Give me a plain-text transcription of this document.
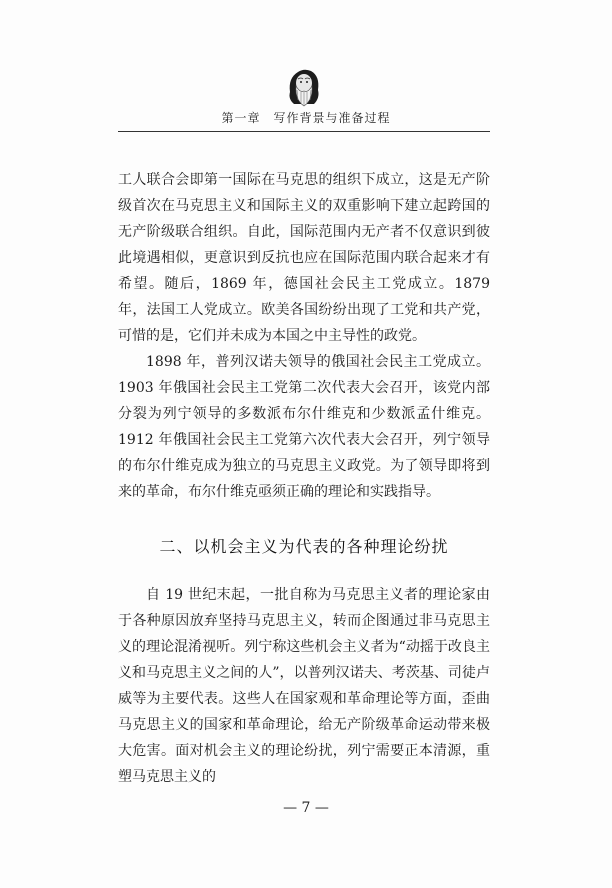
第一章　写作背景与准备过程

工人联合会即第一国际在马克思的组织下成立，这是无产阶级首次在马克思主义和国际主义的双重影响下建立起跨国的无产阶级联合组织。自此，国际范围内无产者不仅意识到彼此境遇相似，更意识到反抗也应在国际范围内联合起来才有希望。随后，1869 年，德国社会民主工党成立。1879 年，法国工人党成立。欧美各国纷纷出现了工党和共产党，可惜的是，它们并未成为本国之中主导性的政党。

1898 年，普列汉诺夫领导的俄国社会民主工党成立。1903 年俄国社会民主工党第二次代表大会召开，该党内部分裂为列宁领导的多数派布尔什维克和少数派孟什维克。1912 年俄国社会民主工党第六次代表大会召开，列宁领导的布尔什维克成为独立的马克思主义政党。为了领导即将到来的革命，布尔什维克亟须正确的理论和实践指导。

二、以机会主义为代表的各种理论纷扰

自 19 世纪末起，一批自称为马克思主义者的理论家由于各种原因放弃坚持马克思主义，转而企图通过非马克思主义的理论混淆视听。列宁称这些机会主义者为“动摇于改良主义和马克思主义之间的人”，以普列汉诺夫、考茨基、司徒卢威等为主要代表。这些人在国家观和革命理论等方面，歪曲马克思主义的国家和革命理论，给无产阶级革命运动带来极大危害。面对机会主义的理论纷扰，列宁需要正本清源，重塑马克思主义的

— 7 —
